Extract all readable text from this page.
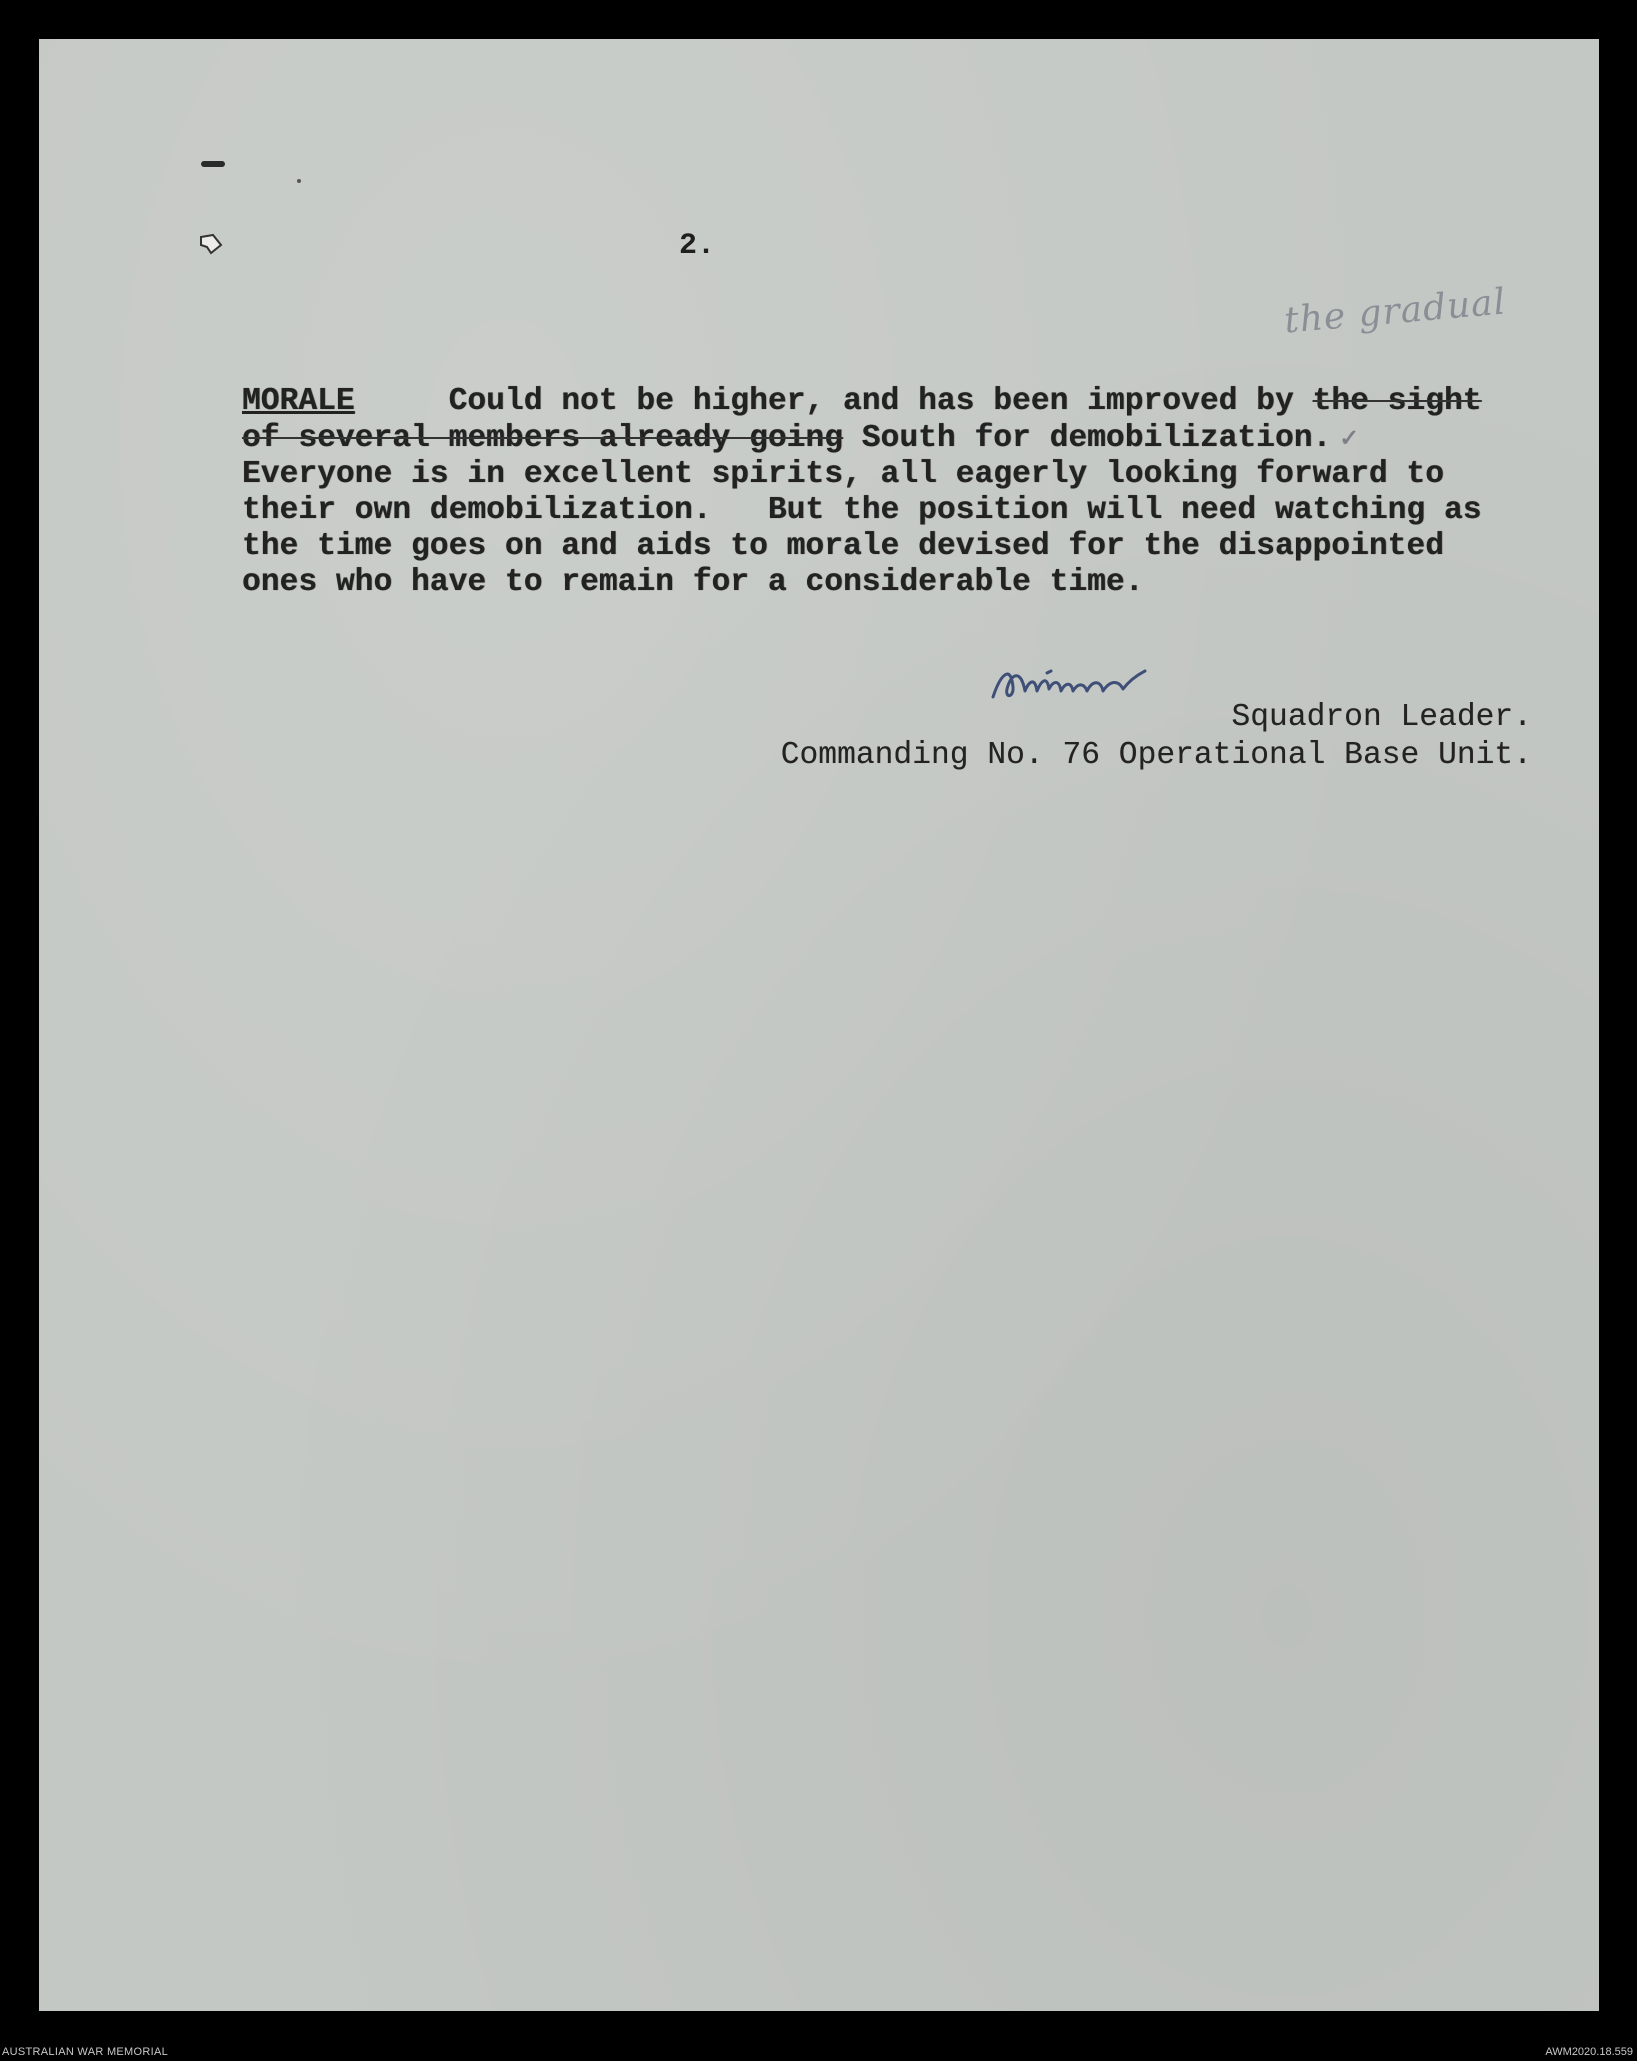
2.
the gradual
MORALE     Could not be higher, and has been improved by the sight
of several members already going South for demobilization. ✓
Everyone is in excellent spirits, all eagerly looking forward to
their own demobilization.   But the position will need watching as
the time goes on and aids to morale devised for the disappointed
ones who have to remain for a considerable time.
Squadron Leader.
Commanding No. 76 Operational Base Unit.
AUSTRALIAN WAR MEMORIAL	AWM2020.18.559
